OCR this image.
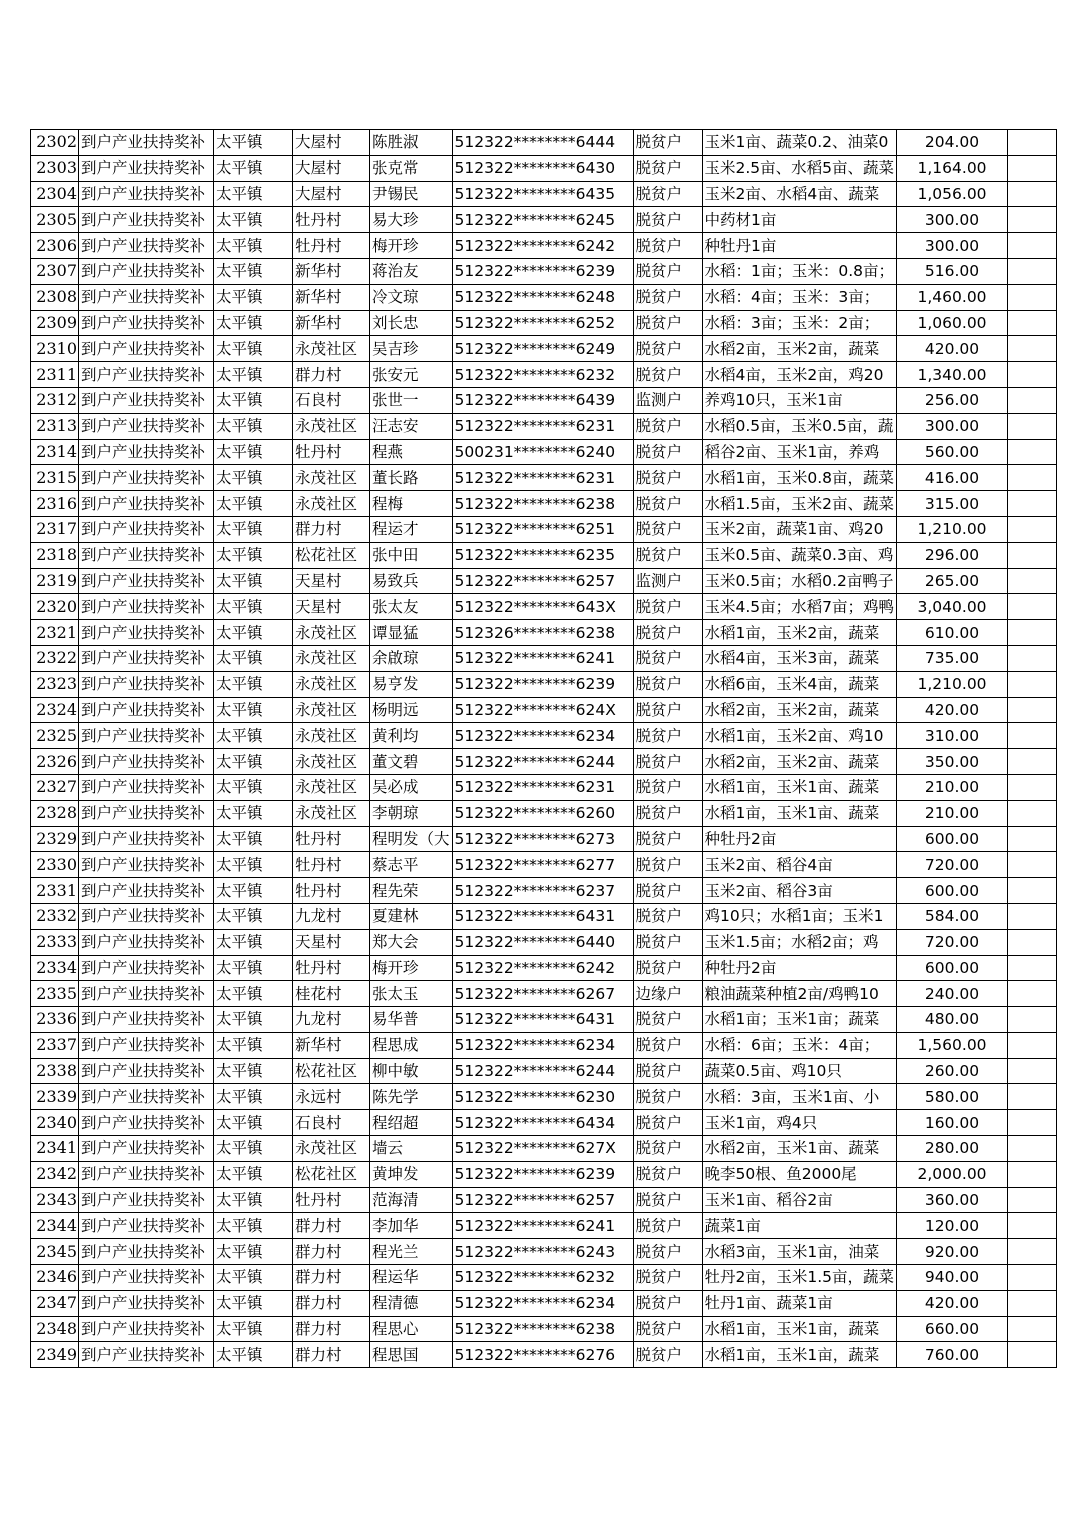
2302	到户产业扶持奖补	太平镇	大屋村	陈胜淑	512322********6444	脱贫户	玉米1亩、蔬菜0.2、油菜0	204.00	
2303	到户产业扶持奖补	太平镇	大屋村	张克常	512322********6430	脱贫户	玉米2.5亩、水稻5亩、蔬菜	1,164.00	
2304	到户产业扶持奖补	太平镇	大屋村	尹锡民	512322********6435	脱贫户	玉米2亩、水稻4亩、蔬菜	1,056.00	
2305	到户产业扶持奖补	太平镇	牡丹村	易大珍	512322********6245	脱贫户	中药材1亩	300.00	
2306	到户产业扶持奖补	太平镇	牡丹村	梅开珍	512322********6242	脱贫户	种牡丹1亩	300.00	
2307	到户产业扶持奖补	太平镇	新华村	蒋治友	512322********6239	脱贫户	水稻：1亩；玉米：0.8亩；	516.00	
2308	到户产业扶持奖补	太平镇	新华村	冷文琼	512322********6248	脱贫户	水稻：4亩；玉米：3亩；	1,460.00	
2309	到户产业扶持奖补	太平镇	新华村	刘长忠	512322********6252	脱贫户	水稻：3亩；玉米：2亩；	1,060.00	
2310	到户产业扶持奖补	太平镇	永茂社区	吴吉珍	512322********6249	脱贫户	水稻2亩，玉米2亩，蔬菜	420.00	
2311	到户产业扶持奖补	太平镇	群力村	张安元	512322********6232	脱贫户	水稻4亩，玉米2亩，鸡20	1,340.00	
2312	到户产业扶持奖补	太平镇	石良村	张世一	512322********6439	监测户	养鸡10只，玉米1亩	256.00	
2313	到户产业扶持奖补	太平镇	永茂社区	汪志安	512322********6231	脱贫户	水稻0.5亩，玉米0.5亩，蔬	300.00	
2314	到户产业扶持奖补	太平镇	牡丹村	程燕	500231********6240	脱贫户	稻谷2亩、玉米1亩，养鸡	560.00	
2315	到户产业扶持奖补	太平镇	永茂社区	董长路	512322********6231	脱贫户	水稻1亩，玉米0.8亩，蔬菜	416.00	
2316	到户产业扶持奖补	太平镇	永茂社区	程梅	512322********6238	脱贫户	水稻1.5亩，玉米2亩、蔬菜	315.00	
2317	到户产业扶持奖补	太平镇	群力村	程运才	512322********6251	脱贫户	玉米2亩，蔬菜1亩、鸡20	1,210.00	
2318	到户产业扶持奖补	太平镇	松花社区	张中田	512322********6235	脱贫户	玉米0.5亩、蔬菜0.3亩、鸡	296.00	
2319	到户产业扶持奖补	太平镇	天星村	易致兵	512322********6257	监测户	玉米0.5亩；水稻0.2亩鸭子	265.00	
2320	到户产业扶持奖补	太平镇	天星村	张太友	512322********643X	脱贫户	玉米4.5亩；水稻7亩；鸡鸭	3,040.00	
2321	到户产业扶持奖补	太平镇	永茂社区	谭显猛	512326********6238	脱贫户	水稻1亩，玉米2亩，蔬菜	610.00	
2322	到户产业扶持奖补	太平镇	永茂社区	余啟琼	512322********6241	脱贫户	水稻4亩，玉米3亩，蔬菜	735.00	
2323	到户产业扶持奖补	太平镇	永茂社区	易亨发	512322********6239	脱贫户	水稻6亩，玉米4亩，蔬菜	1,210.00	
2324	到户产业扶持奖补	太平镇	永茂社区	杨明远	512322********624X	脱贫户	水稻2亩，玉米2亩，蔬菜	420.00	
2325	到户产业扶持奖补	太平镇	永茂社区	黄利均	512322********6234	脱贫户	水稻1亩，玉米2亩、鸡10	310.00	
2326	到户产业扶持奖补	太平镇	永茂社区	董文碧	512322********6244	脱贫户	水稻2亩，玉米2亩、蔬菜	350.00	
2327	到户产业扶持奖补	太平镇	永茂社区	吴必成	512322********6231	脱贫户	水稻1亩，玉米1亩、蔬菜	210.00	
2328	到户产业扶持奖补	太平镇	永茂社区	李朝琼	512322********6260	脱贫户	水稻1亩，玉米1亩、蔬菜	210.00	
2329	到户产业扶持奖补	太平镇	牡丹村	程明发（大	512322********6273	脱贫户	种牡丹2亩	600.00	
2330	到户产业扶持奖补	太平镇	牡丹村	蔡志平	512322********6277	脱贫户	玉米2亩、稻谷4亩	720.00	
2331	到户产业扶持奖补	太平镇	牡丹村	程先荣	512322********6237	脱贫户	玉米2亩、稻谷3亩	600.00	
2332	到户产业扶持奖补	太平镇	九龙村	夏建林	512322********6431	脱贫户	鸡10只；水稻1亩；玉米1	584.00	
2333	到户产业扶持奖补	太平镇	天星村	郑大会	512322********6440	脱贫户	玉米1.5亩；水稻2亩；鸡	720.00	
2334	到户产业扶持奖补	太平镇	牡丹村	梅开珍	512322********6242	脱贫户	种牡丹2亩	600.00	
2335	到户产业扶持奖补	太平镇	桂花村	张太玉	512322********6267	边缘户	粮油蔬菜种植2亩/鸡鸭10	240.00	
2336	到户产业扶持奖补	太平镇	九龙村	易华普	512322********6431	脱贫户	水稻1亩；玉米1亩；蔬菜	480.00	
2337	到户产业扶持奖补	太平镇	新华村	程思成	512322********6234	脱贫户	水稻：6亩；玉米：4亩；	1,560.00	
2338	到户产业扶持奖补	太平镇	松花社区	柳中敏	512322********6244	脱贫户	蔬菜0.5亩、鸡10只	260.00	
2339	到户产业扶持奖补	太平镇	永远村	陈先学	512322********6230	脱贫户	水稻：3亩，玉米1亩、小	580.00	
2340	到户产业扶持奖补	太平镇	石良村	程绍超	512322********6434	脱贫户	玉米1亩，鸡4只	160.00	
2341	到户产业扶持奖补	太平镇	永茂社区	墙云	512322********627X	脱贫户	水稻2亩，玉米1亩、蔬菜	280.00	
2342	到户产业扶持奖补	太平镇	松花社区	黄坤发	512322********6239	脱贫户	晚李50根、鱼2000尾	2,000.00	
2343	到户产业扶持奖补	太平镇	牡丹村	范海清	512322********6257	脱贫户	玉米1亩、稻谷2亩	360.00	
2344	到户产业扶持奖补	太平镇	群力村	李加华	512322********6241	脱贫户	蔬菜1亩	120.00	
2345	到户产业扶持奖补	太平镇	群力村	程光兰	512322********6243	脱贫户	水稻3亩，玉米1亩，油菜	920.00	
2346	到户产业扶持奖补	太平镇	群力村	程运华	512322********6232	脱贫户	牡丹2亩，玉米1.5亩，蔬菜	940.00	
2347	到户产业扶持奖补	太平镇	群力村	程清德	512322********6234	脱贫户	牡丹1亩、蔬菜1亩	420.00	
2348	到户产业扶持奖补	太平镇	群力村	程思心	512322********6238	脱贫户	水稻1亩，玉米1亩，蔬菜	660.00	
2349	到户产业扶持奖补	太平镇	群力村	程思国	512322********6276	脱贫户	水稻1亩，玉米1亩，蔬菜	760.00	
